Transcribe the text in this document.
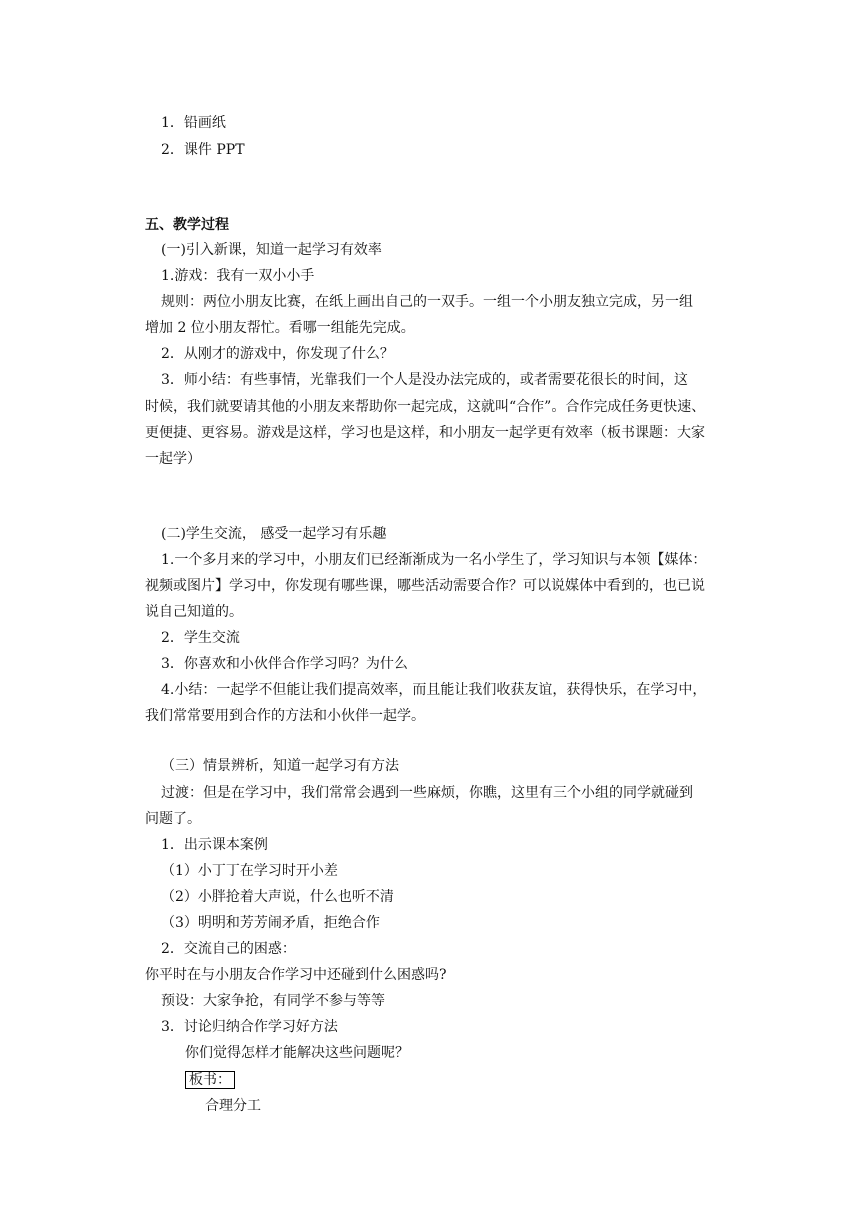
1．铅画纸
2．课件 PPT
五、教学过程
(一)引入新课，知道一起学习有效率
1.游戏：我有一双小小手
规则：两位小朋友比赛，在纸上画出自己的一双手。一组一个小朋友独立完成，另一组
增加 2 位小朋友帮忙。看哪一组能先完成。
2．从刚才的游戏中，你发现了什么？
3．师小结：有些事情，光靠我们一个人是没办法完成的，或者需要花很长的时间，这
时候，我们就要请其他的小朋友来帮助你一起完成，这就叫“合作”。合作完成任务更快速、
更便捷、更容易。游戏是这样，学习也是这样，和小朋友一起学更有效率（板书课题：大家
一起学）
(二)学生交流， 感受一起学习有乐趣
1.一个多月来的学习中，小朋友们已经渐渐成为一名小学生了，学习知识与本领【媒体：
视频或图片】学习中，你发现有哪些课，哪些活动需要合作？可以说媒体中看到的，也已说
说自己知道的。
2．学生交流
3．你喜欢和小伙伴合作学习吗？为什么
4.小结：一起学不但能让我们提高效率，而且能让我们收获友谊，获得快乐，在学习中，
我们常常要用到合作的方法和小伙伴一起学。
（三）情景辨析，知道一起学习有方法
过渡：但是在学习中，我们常常会遇到一些麻烦，你瞧，这里有三个小组的同学就碰到
问题了。
1．出示课本案例
（1）小丁丁在学习时开小差
（2）小胖抢着大声说，什么也听不清
（3）明明和芳芳闹矛盾，拒绝合作
2．交流自己的困惑：
你平时在与小朋友合作学习中还碰到什么困惑吗?
预设：大家争抢，有同学不参与等等
3．讨论归纳合作学习好方法
你们觉得怎样才能解决这些问题呢？
板书：
合理分工
